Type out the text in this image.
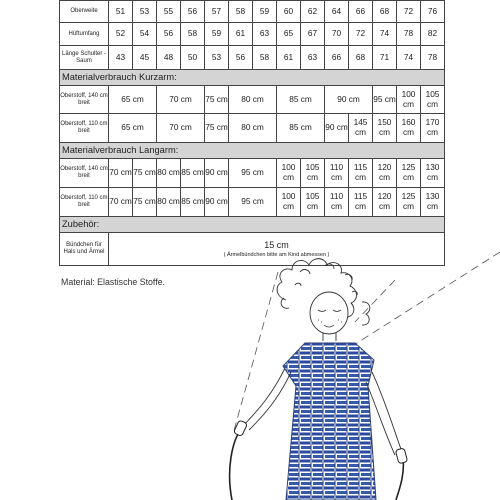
Oberweite	51	53	55	56	57	58	59	60	62	64	66	68	72	76
Hüftumfang	52	54	56	58	59	61	63	65	67	70	72	74	78	82
Länge Schulter - Saum	43	45	48	50	53	56	58	61	63	66	68	71	74	78
Materialverbrauch Kurzarm:														
Oberstoff, 140 cm breit	65 cm		70 cm		75 cm	80 cm		85 cm		90 cm		95 cm	100 cm	105 cm
Oberstoff, 110 cm breit	65 cm		70 cm		75 cm	80 cm		85 cm		90 cm	145 cm	150 cm	160 cm	170 cm
Materialverbrauch Langarm:														
Oberstoff, 140 cm breit	70 cm	75 cm	80 cm	85 cm	90 cm	95 cm		100 cm	105 cm	110 cm	115 cm	120 cm	125 cm	130 cm
Oberstoff, 110 cm breit	70 cm	75 cm	80 cm	85 cm	90 cm	95 cm		100 cm	105 cm	110 cm	115 cm	120 cm	125 cm	130 cm
Zubehör:														
Bündchen für Hals und Ärmel	15 cm
( Ärmelbündchen bitte am Kind abmessen )													
Material: Elastische Stoffe.
